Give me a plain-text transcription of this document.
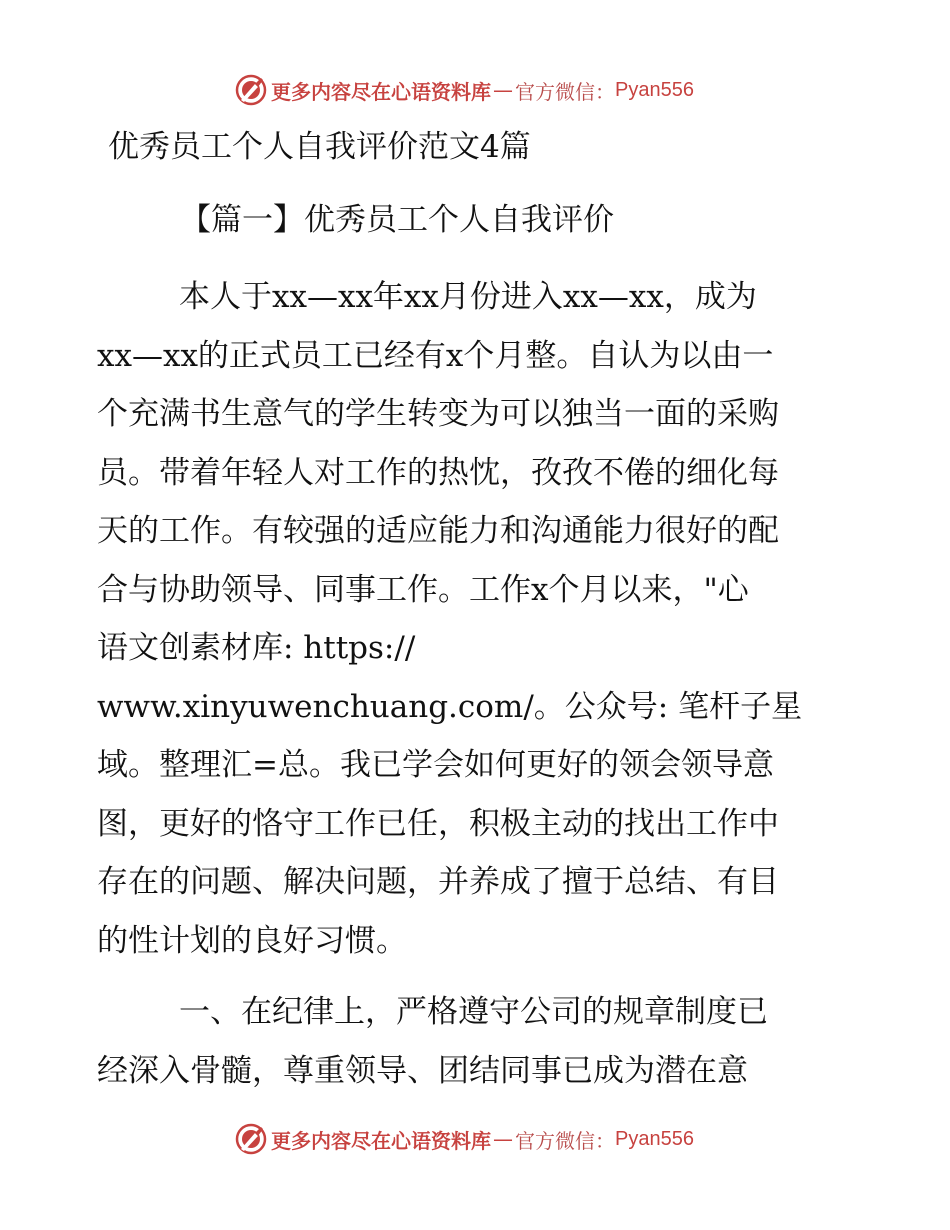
更多内容尽在心语资料库 — 官方微信： Pyan556
优秀员工个人自我评价范文4篇
【篇一】优秀员工个人自我评价
本人于xx—xx年xx月份进入xx—xx，成为
xx—xx的正式员工已经有x个月整。自认为以由一
个充满书生意气的学生转变为可以独当一面的采购
员。带着年轻人对工作的热忱，孜孜不倦的细化每
天的工作。有较强的适应能力和沟通能力很好的配
合与协助领导、同事工作。工作x个月以来，"心
语文创素材库: https://
www.xinyuwenchuang.com/。公众号: 笔杆子星
域。整理汇=总。我已学会如何更好的领会领导意
图，更好的恪守工作已任，积极主动的找出工作中
存在的问题、解决问题，并养成了擅于总结、有目
的性计划的良好习惯。
一、在纪律上，严格遵守公司的规章制度已
经深入骨髓，尊重领导、团结同事已成为潜在意
更多内容尽在心语资料库 — 官方微信： Pyan556
